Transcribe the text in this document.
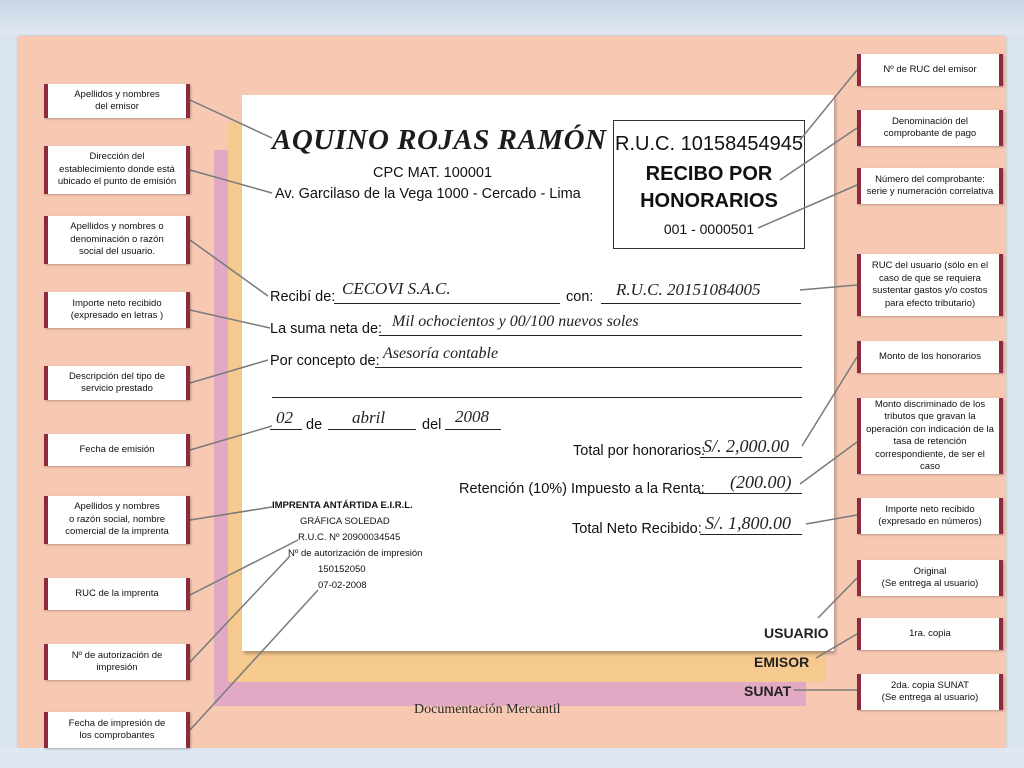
USUARIO
EMISOR
SUNAT
AQUINO ROJAS RAMÓN
CPC MAT. 100001
Av. Garcilaso de la Vega 1000 - Cercado - Lima
R.U.C. 10158454945
RECIBO POR
HONORARIOS
001 - 0000501
Recibí de: CECOVI S.A.C.	con: R.U.C. 20151084005
La suma neta de: Mil ochocientos y 00/100 nuevos soles
Por concepto de: Asesoría contable
02 de abril	del 2008
Total por honorarios:
S/. 2,000.00
Retención (10%) Impuesto a la Renta: (200.00)
Total Neto Recibido: S/. 1,800.00
IMPRENTA ANTÁRTIDA E.I.R.L.
GRÁFICA SOLEDAD
R.U.C. Nº 20900034545
Nº de autorización de impresión
150152050
07-02-2008
Apellidos y nombres
del emisor
Dirección del
establecimiento donde está
ubicado el punto de emisión
Apellidos y nombres o
denominación o razón
social del usuario.
Importe neto recibido
(expresado en letras )
Descripción del tipo de
servicio prestado
Fecha de emisión
Apellidos y nombres
o razón social, nombre
comercial de la imprenta
RUC de la imprenta
Nº de autorización de
impresión
Fecha de impresión de
los comprobantes
Nº de RUC del emisor
Denominación del
comprobante de pago
Número del comprobante:
serie y numeración correlativa
RUC del usuario (sólo en el
caso de que se requiera
sustentar gastos y/o costos
para efecto tributario)
Monto de los honorarios
Monto discriminado de los
tributos que gravan la
operación con indicación de la
tasa de retención
correspondiente, de ser el caso
Importe neto recibido
(expresado en números)
Original
(Se entrega al usuario)
1ra. copia
2da. copia SUNAT
(Se entrega al usuario)
Documentación Mercantil
